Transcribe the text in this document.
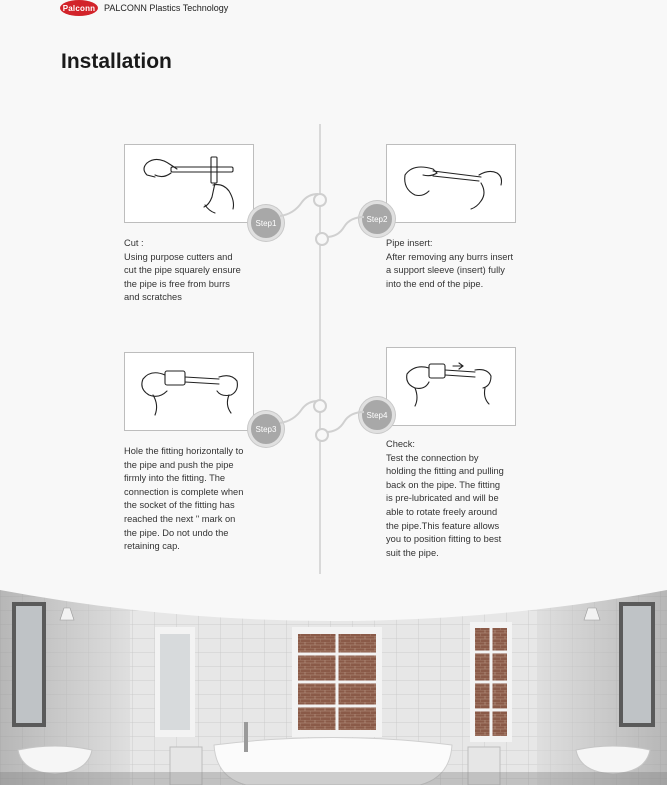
Palconn PALCONN Plastics Technology
Installation
Step1
Cut :
Using purpose cutters and
cut the pipe squarely ensure
the pipe is free from burrs
and scratches
Step2
Pipe insert:
After removing any burrs insert
a support sleeve (insert) fully
into the end of the pipe.
Step3
Hole the fitting horizontally to
the pipe and push the pipe
firmly into the fitting. The
connection is complete when
the socket of the fitting has
reached the next " mark on
the pipe. Do not undo the
retaining cap.
Step4
Check:
Test the connection by
holding the fitting and pulling
back on the pipe. The fitting
is pre-lubricated and will be
able to rotate freely around
the pipe.This feature allows
you to position fitting to best
suit the pipe.
